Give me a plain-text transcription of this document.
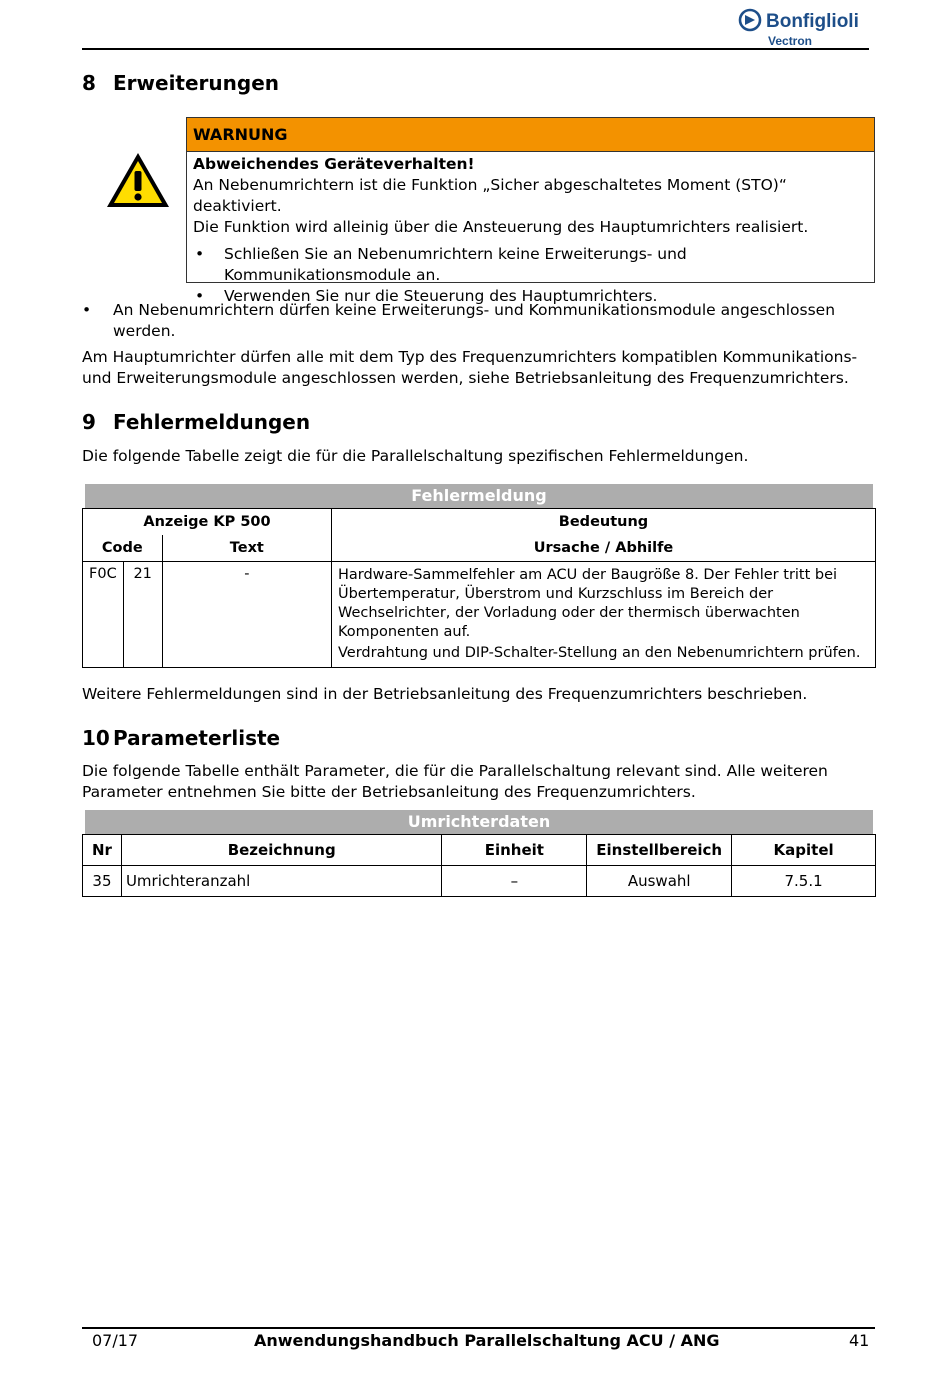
Bonfiglioli
Vectron
8 Erweiterungen
WARNUNG
Abweichendes Geräteverhalten!
An Nebenumrichtern ist die Funktion „Sicher abgeschaltetes Moment (STO)“ deaktiviert.
Die Funktion wird alleinig über die Ansteuerung des Hauptumrichters realisiert.
• Schließen Sie an Nebenumrichtern keine Erweiterungs- und Kommunikationsmodule an.
• Verwenden Sie nur die Steuerung des Hauptumrichters.
• An Nebenumrichtern dürfen keine Erweiterungs- und Kommunikationsmodule angeschlossen werden.
Am Hauptumrichter dürfen alle mit dem Typ des Frequenzumrichters kompatiblen Kommunikations- und Erweiterungsmodule angeschlossen werden, siehe Betriebsanleitung des Frequenzumrichters.
9 Fehlermeldungen
Die folgende Tabelle zeigt die für die Parallelschaltung spezifischen Fehlermeldungen.
Fehlermeldung
Anzeige KP 500			Bedeutung
Code		Text	Ursache / Abhilfe
F0C	21	-	Hardware-Sammelfehler am ACU der Baugröße 8. Der Fehler tritt bei Übertemperatur, Überstrom und Kurzschluss im Bereich der Wechselrichter, der Vorladung oder der thermisch überwachten Komponenten auf.
Verdrahtung und DIP-Schalter-Stellung an den Nebenumrichtern prüfen.
Weitere Fehlermeldungen sind in der Betriebsanleitung des Frequenzumrichters beschrieben.
10 Parameterliste
Die folgende Tabelle enthält Parameter, die für die Parallelschaltung relevant sind. Alle weiteren Parameter entnehmen Sie bitte der Betriebsanleitung des Frequenzumrichters.
Umrichterdaten
Nr	Bezeichnung	Einheit	Einstellbereich	Kapitel
35	Umrichteranzahl	–	Auswahl	7.5.1
07/17	Anwendungshandbuch Parallelschaltung ACU / ANG	41
